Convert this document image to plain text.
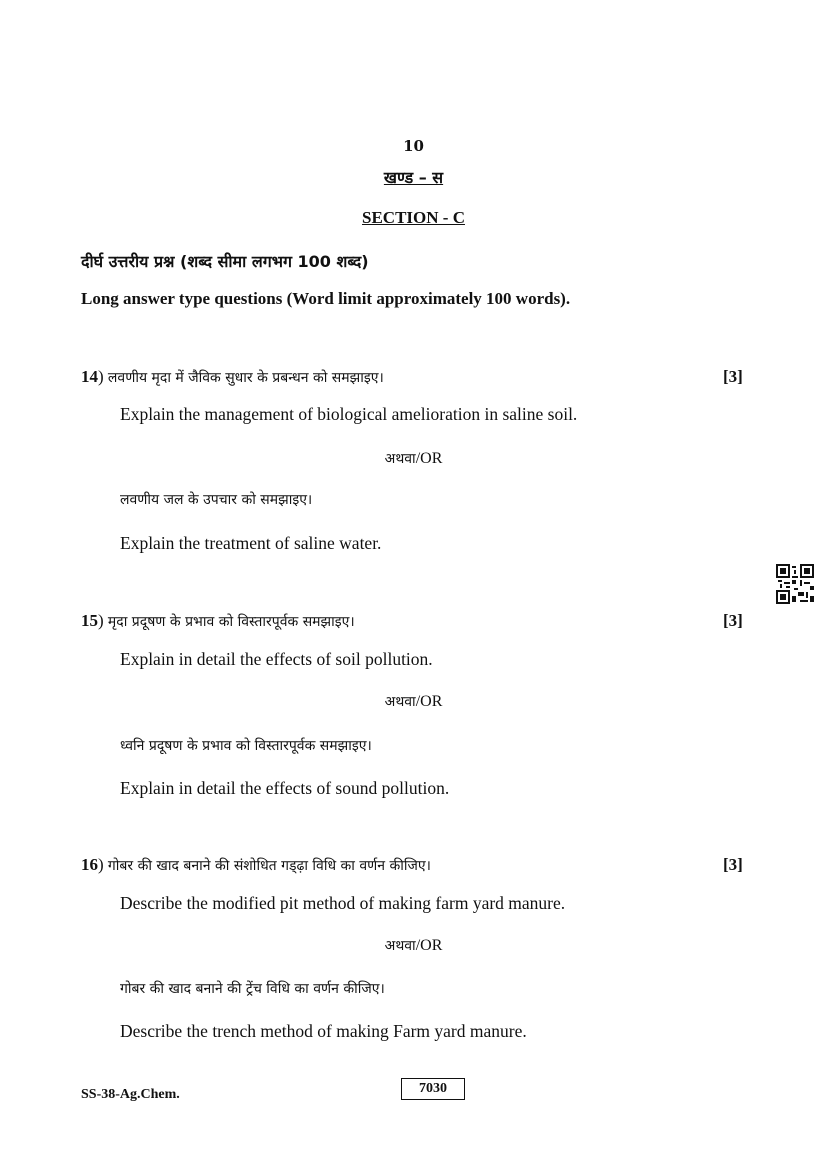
10
खण्ड – स
SECTION - C
दीर्घ उत्तरीय प्रश्न (शब्द सीमा लगभग 100 शब्द)
Long answer type questions (Word limit approximately 100 words).
14) लवणीय मृदा में जैविक सुधार के प्रबन्धन को समझाइए।	[3]
Explain the management of biological amelioration in saline soil.
अथवा/OR
लवणीय जल के उपचार को समझाइए।
Explain the treatment of saline water.
15) मृदा प्रदूषण के प्रभाव को विस्तारपूर्वक समझाइए।	[3]
Explain in detail the effects of soil pollution.
अथवा/OR
ध्वनि प्रदूषण के प्रभाव को विस्तारपूर्वक समझाइए।
Explain in detail the effects of sound pollution.
16) गोबर की खाद बनाने की संशोधित गड्ढ़ा विधि का वर्णन कीजिए।	[3]
Describe the modified pit method of making farm yard manure.
अथवा/OR
गोबर की खाद बनाने की ट्रेंच विधि का वर्णन कीजिए।
Describe the trench method of making Farm yard manure.
SS-38-Ag.Chem.	7030
